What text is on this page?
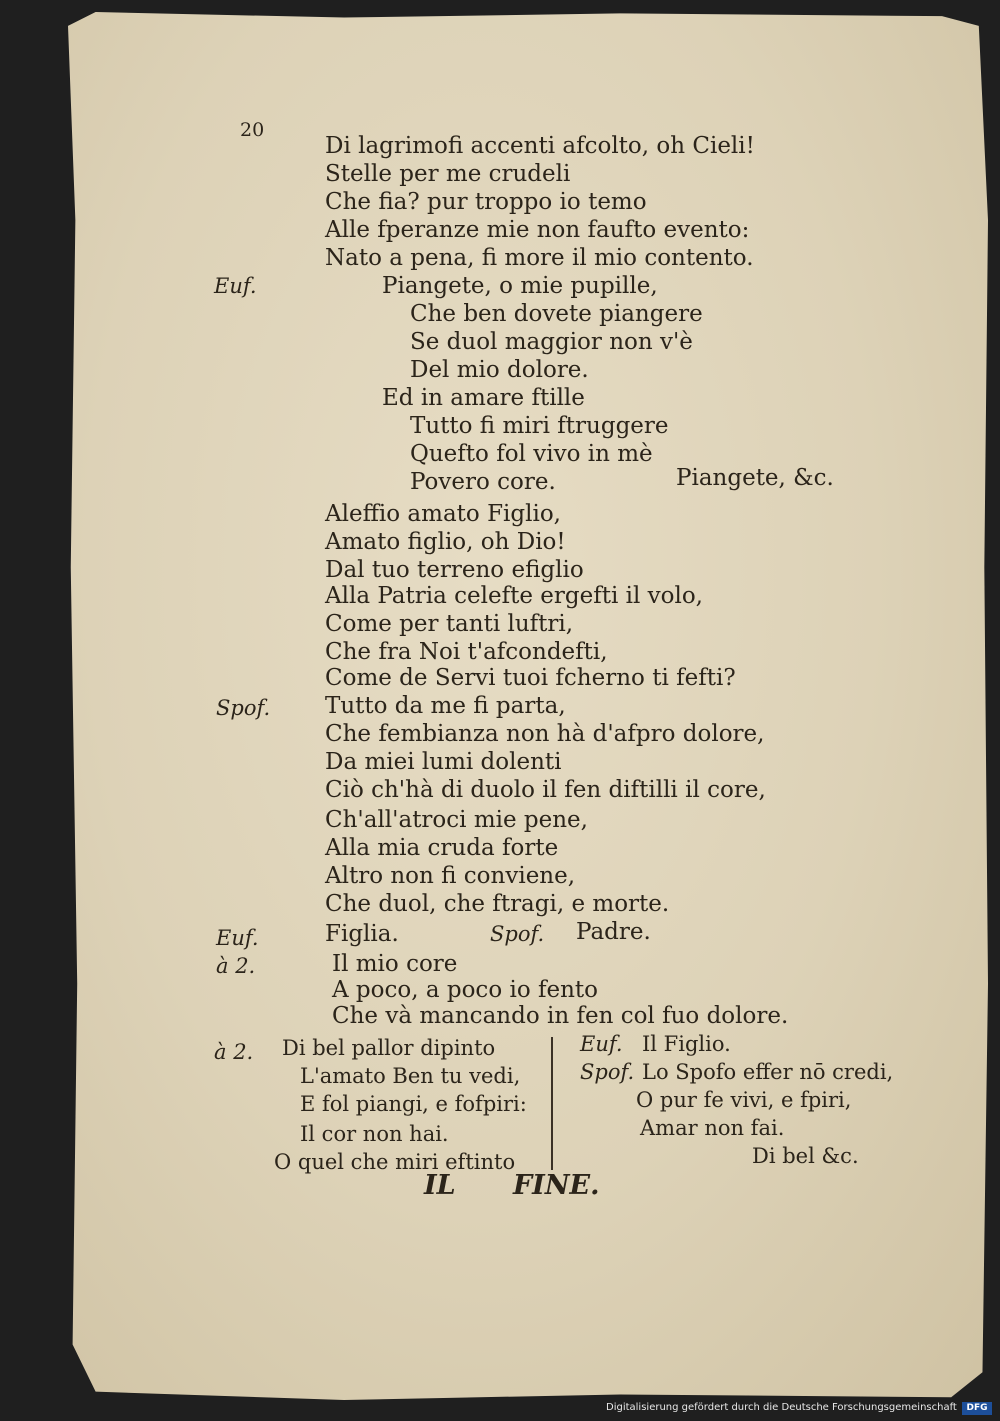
20
Di lagrimofi accenti afcolto, oh Cieli!
Stelle per me crudeli
Che fia? pur troppo io temo
Alle fperanze mie non faufto evento:
Nato a pena, fi more il mio contento.
Euf.	Piangete, o mie pupille,
Che ben dovete piangere
Se duol maggior non v'è
Del mio dolore.
Ed in amare ftille
Tutto fi miri ftruggere
Quefto fol vivo in mè
Povero core.	Piangete, &c.
Aleffio amato Figlio,
Amato figlio, oh Dio!
Dal tuo terreno efiglio
Alla Patria celefte ergefti il volo,
Come per tanti luftri,
Che fra Noi t'afcondefti,
Come de Servi tuoi fcherno ti fefti?
Spof. Tutto da me fi parta,
Che fembianza non hà d'afpro dolore,
Da miei lumi dolenti
Ciò ch'hà di duolo il fen diftilli il core,
Ch'all'atroci mie pene,
Alla mia cruda forte
Altro non fi conviene,
Che duol, che ftragi, e morte.
Euf.	Figlia.	Spof. Padre.
à 2.	Il mio core
A poco, a poco io fento
Che và mancando in fen col fuo dolore.
à 2. Di bel pallor dipinto
L'amato Ben tu vedi,
E fol piangi, e fofpiri:
Il cor non hai.
O quel che miri eftinto
Euf. Il Figlio.
Spof. Lo Spofo effer nō credi,
O pur fe vivi, e fpiri,
Amar non fai.
Di bel &c.
IL FINE.
Digitalisierung gefördert durch die Deutsche Forschungsgemeinschaft	DFG
